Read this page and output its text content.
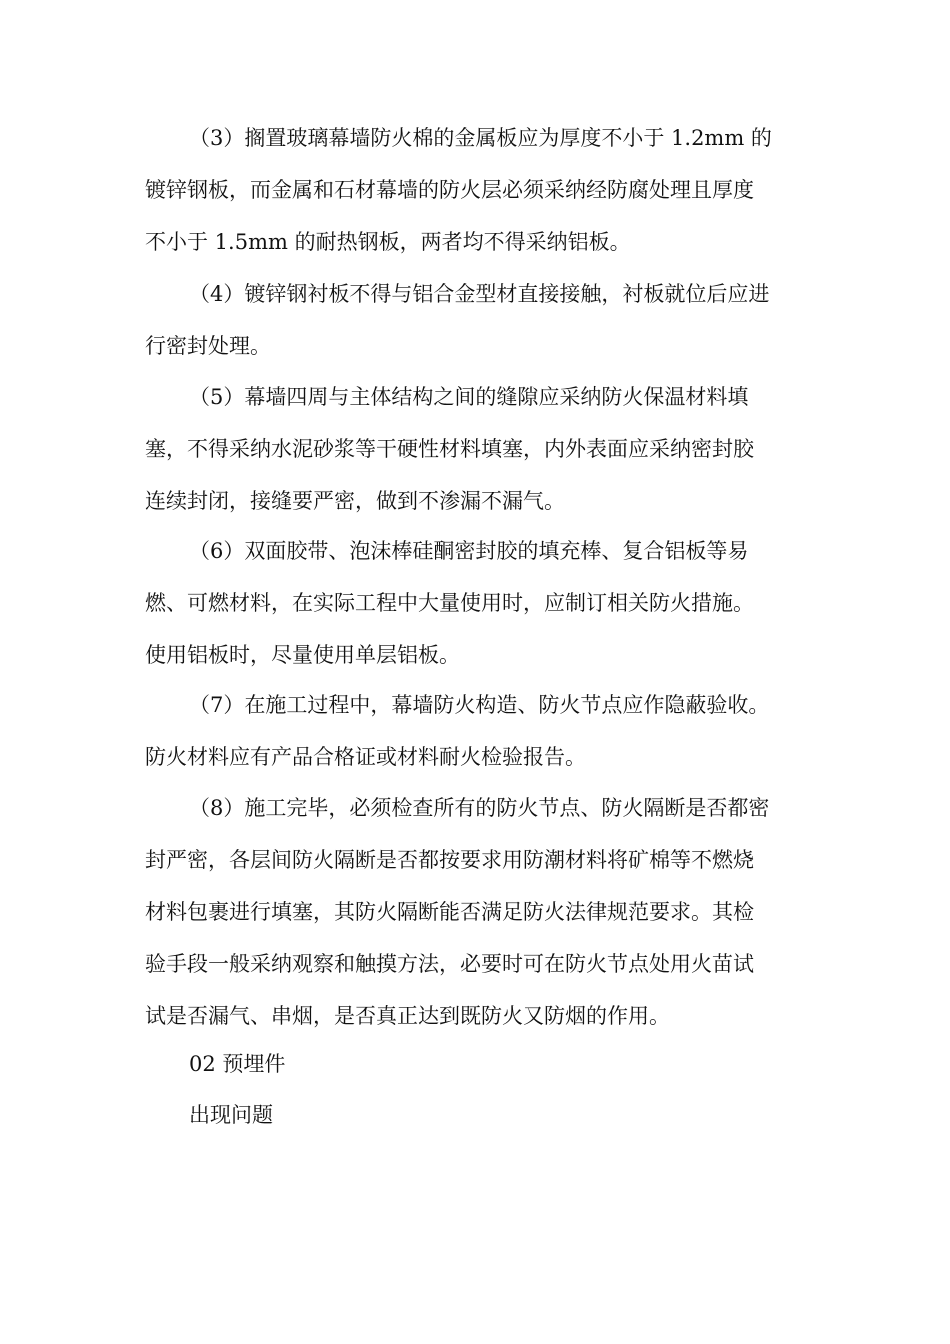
（3）搁置玻璃幕墙防火棉的金属板应为厚度不小于 1.2mm 的
镀锌钢板，而金属和石材幕墙的防火层必须采纳经防腐处理且厚度
不小于 1.5mm 的耐热钢板，两者均不得采纳铝板。
（4）镀锌钢衬板不得与铝合金型材直接接触，衬板就位后应进
行密封处理。
（5）幕墙四周与主体结构之间的缝隙应采纳防火保温材料填
塞，不得采纳水泥砂浆等干硬性材料填塞，内外表面应采纳密封胶
连续封闭，接缝要严密，做到不渗漏不漏气。
（6）双面胶带、泡沫棒硅酮密封胶的填充棒、复合铝板等易
燃、可燃材料，在实际工程中大量使用时，应制订相关防火措施。
使用铝板时，尽量使用单层铝板。
（7）在施工过程中，幕墙防火构造、防火节点应作隐蔽验收。
防火材料应有产品合格证或材料耐火检验报告。
（8）施工完毕，必须检查所有的防火节点、防火隔断是否都密
封严密，各层间防火隔断是否都按要求用防潮材料将矿棉等不燃烧
材料包裹进行填塞，其防火隔断能否满足防火法律规范要求。其检
验手段一般采纳观察和触摸方法，必要时可在防火节点处用火苗试
试是否漏气、串烟，是否真正达到既防火又防烟的作用。
02 预埋件
出现问题
